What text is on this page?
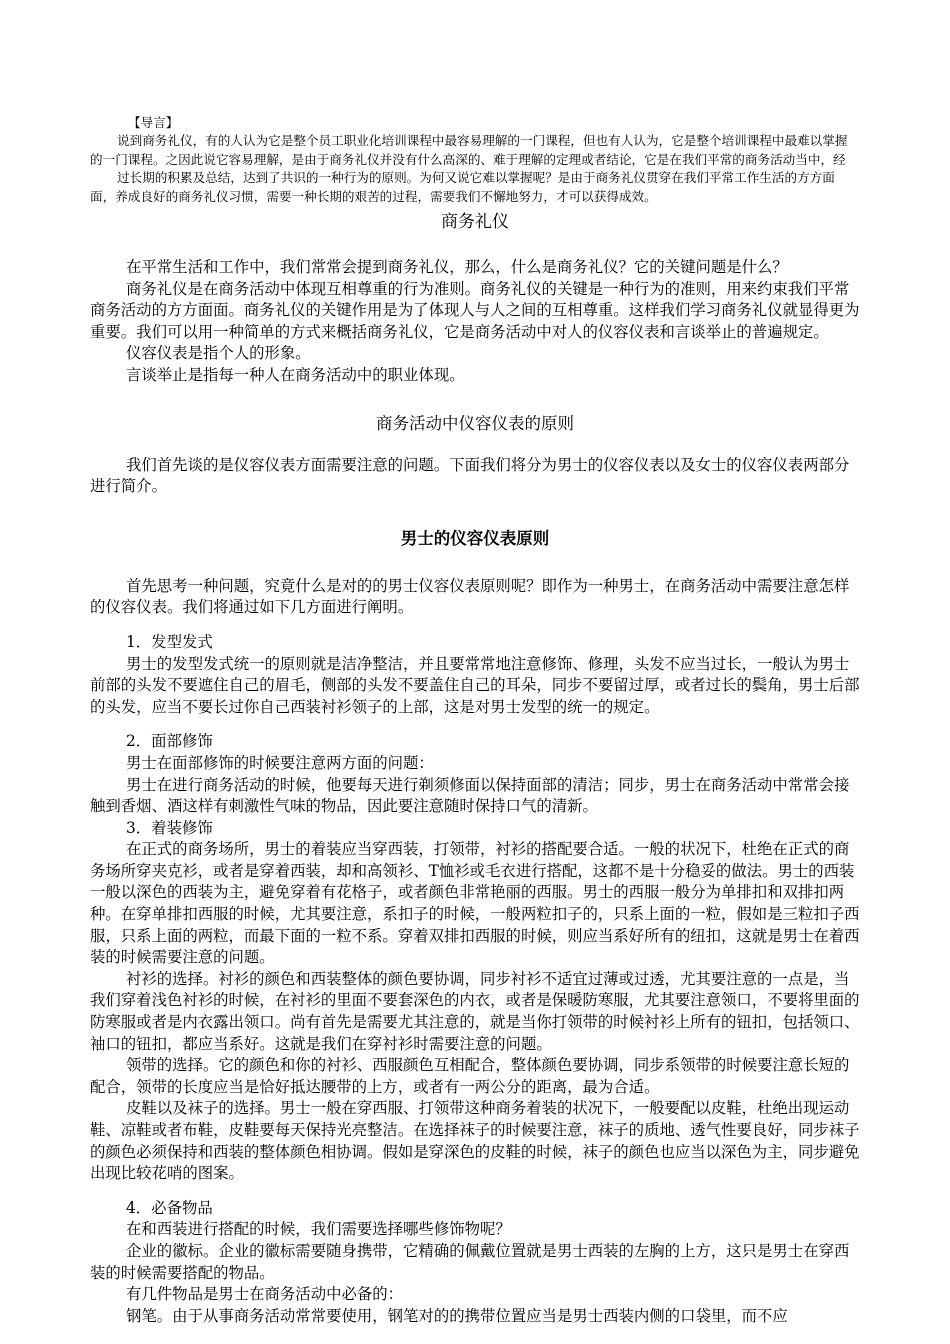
【导言】

说到商务礼仪，有的人认为它是整个员工职业化培训课程中最容易理解的一门课程，但也有人认为，它是整个培训课程中最难以掌握的一门课程。之因此说它容易理解，是由于商务礼仪并没有什么高深的、难于理解的定理或者结论，它是在我们平常的商务活动当中，经

过长期的积累及总结，达到了共识的一种行为的原则。为何又说它难以掌握呢？是由于商务礼仪贯穿在我们平常工作生活的方方面面，养成良好的商务礼仪习惯，需要一种长期的艰苦的过程，需要我们不懈地努力，才可以获得成效。

商务礼仪

在平常生活和工作中，我们常常会提到商务礼仪，那么，什么是商务礼仪？它的关键问题是什么？

商务礼仪是在商务活动中体现互相尊重的行为准则。商务礼仪的关键是一种行为的准则，用来约束我们平常商务活动的方方面面。商务礼仪的关键作用是为了体现人与人之间的互相尊重。这样我们学习商务礼仪就显得更为重要。我们可以用一种简单的方式来概括商务礼仪，它是商务活动中对人的仪容仪表和言谈举止的普遍规定。

仪容仪表是指个人的形象。

言谈举止是指每一种人在商务活动中的职业体现。

商务活动中仪容仪表的原则

我们首先谈的是仪容仪表方面需要注意的问题。下面我们将分为男士的仪容仪表以及女士的仪容仪表两部分进行简介。

男士的仪容仪表原则

首先思考一种问题，究竟什么是对的的男士仪容仪表原则呢？即作为一种男士，在商务活动中需要注意怎样的仪容仪表。我们将通过如下几方面进行阐明。

1．发型发式

男士的发型发式统一的原则就是洁净整洁，并且要常常地注意修饰、修理，头发不应当过长，一般认为男士前部的头发不要遮住自己的眉毛，侧部的头发不要盖住自己的耳朵，同步不要留过厚，或者过长的鬓角，男士后部的头发，应当不要长过你自己西装衬衫领子的上部，这是对男士发型的统一的规定。

2．面部修饰

男士在面部修饰的时候要注意两方面的问题：

男士在进行商务活动的时候，他要每天进行剃须修面以保持面部的清洁；同步，男士在商务活动中常常会接触到香烟、酒这样有刺激性气味的物品，因此要注意随时保持口气的清新。

3．着装修饰

在正式的商务场所，男士的着装应当穿西装，打领带，衬衫的搭配要合适。一般的状况下，杜绝在正式的商务场所穿夹克衫，或者是穿着西装，却和高领衫、T恤衫或毛衣进行搭配，这都不是十分稳妥的做法。男士的西装一般以深色的西装为主，避免穿着有花格子，或者颜色非常艳丽的西服。男士的西服一般分为单排扣和双排扣两种。在穿单排扣西服的时候，尤其要注意，系扣子的时候，一般两粒扣子的，只系上面的一粒，假如是三粒扣子西服，只系上面的两粒，而最下面的一粒不系。穿着双排扣西服的时候，则应当系好所有的纽扣，这就是男士在着西装的时候需要注意的问题。

衬衫的选择。衬衫的颜色和西装整体的颜色要协调，同步衬衫不适宜过薄或过透，尤其要注意的一点是，当我们穿着浅色衬衫的时候，在衬衫的里面不要套深色的内衣，或者是保暖防寒服，尤其要注意领口，不要将里面的防寒服或者是内衣露出领口。尚有首先是需要尤其注意的，就是当你打领带的时候衬衫上所有的钮扣，包括领口、袖口的钮扣，都应当系好。这就是我们在穿衬衫时需要注意的问题。

领带的选择。它的颜色和你的衬衫、西服颜色互相配合，整体颜色要协调，同步系领带的时候要注意长短的配合，领带的长度应当是恰好抵达腰带的上方，或者有一两公分的距离，最为合适。

皮鞋以及袜子的选择。男士一般在穿西服、打领带这种商务着装的状况下，一般要配以皮鞋，杜绝出现运动鞋、凉鞋或者布鞋，皮鞋要每天保持光亮整洁。在选择袜子的时候要注意，袜子的质地、透气性要良好，同步袜子的颜色必须保持和西装的整体颜色相协调。假如是穿深色的皮鞋的时候，袜子的颜色也应当以深色为主，同步避免出现比较花哨的图案。

4．必备物品

在和西装进行搭配的时候，我们需要选择哪些修饰物呢？

企业的徽标。企业的徽标需要随身携带，它精确的佩戴位置就是男士西装的左胸的上方，这只是男士在穿西装的时候需要搭配的物品。

有几件物品是男士在商务活动中必备的：

钢笔。由于从事商务活动常常要使用，钢笔对的的携带位置应当是男士西装内侧的口袋里，而不应
